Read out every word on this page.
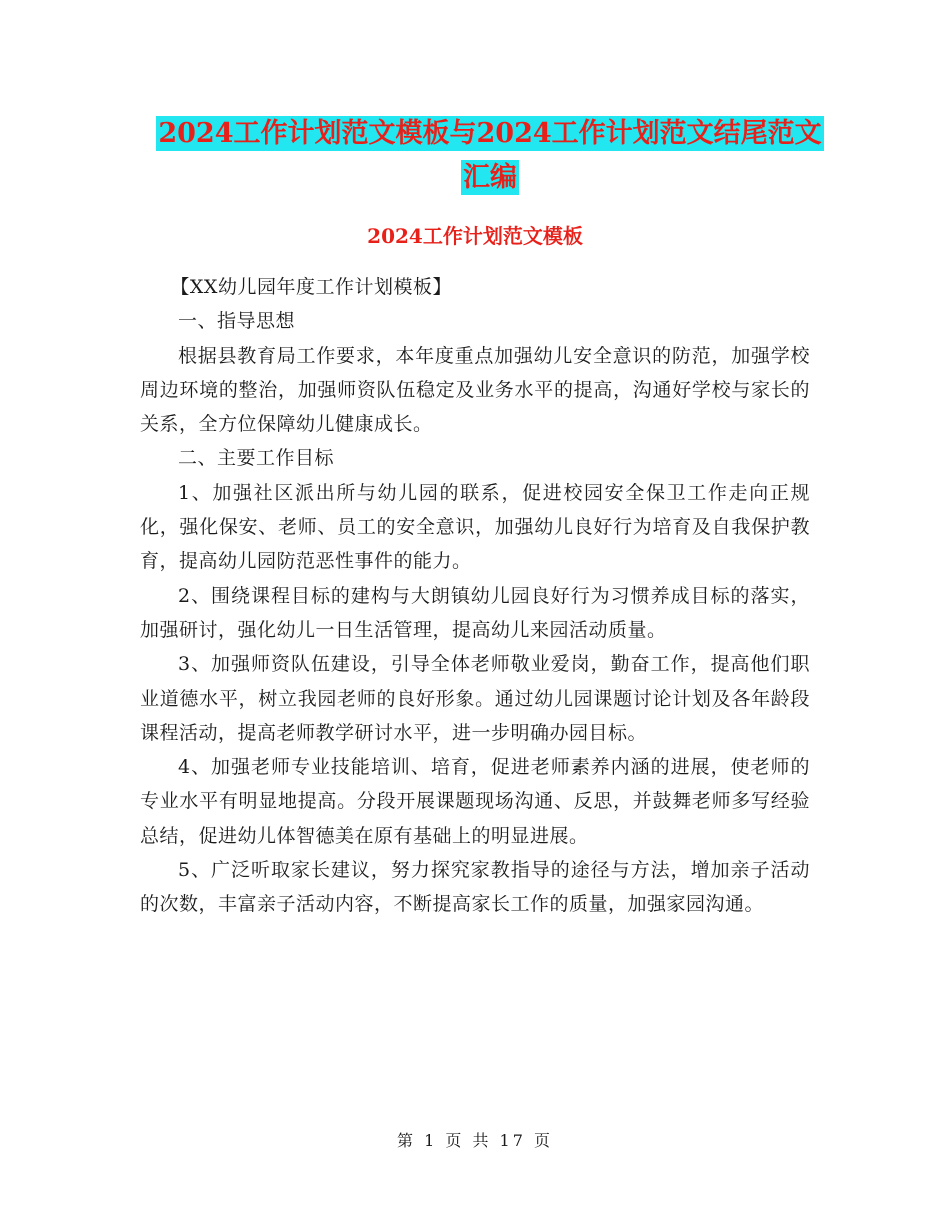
2024工作计划范文模板与2024工作计划范文结尾范文
汇编
2024工作计划范文模板

【XX幼儿园年度工作计划模板】

一、指导思想

根据县教育局工作要求，本年度重点加强幼儿安全意识的防范，加强学校周边环境的整治，加强师资队伍稳定及业务水平的提高，沟通好学校与家长的关系，全方位保障幼儿健康成长。

二、主要工作目标

1、加强社区派出所与幼儿园的联系，促进校园安全保卫工作走向正规化，强化保安、老师、员工的安全意识，加强幼儿良好行为培育及自我保护教育，提高幼儿园防范恶性事件的能力。

2、围绕课程目标的建构与大朗镇幼儿园良好行为习惯养成目标的落实，加强研讨，强化幼儿一日生活管理，提高幼儿来园活动质量。

3、加强师资队伍建设，引导全体老师敬业爱岗，勤奋工作，提高他们职业道德水平，树立我园老师的良好形象。通过幼儿园课题讨论计划及各年龄段课程活动，提高老师教学研讨水平，进一步明确办园目标。

4、加强老师专业技能培训、培育，促进老师素养内涵的进展，使老师的专业水平有明显地提高。分段开展课题现场沟通、反思，并鼓舞老师多写经验总结，促进幼儿体智德美在原有基础上的明显进展。

5、广泛听取家长建议，努力探究家教指导的途径与方法，增加亲子活动的次数，丰富亲子活动内容，不断提高家长工作的质量，加强家园沟通。

第 1 页 共 17 页
